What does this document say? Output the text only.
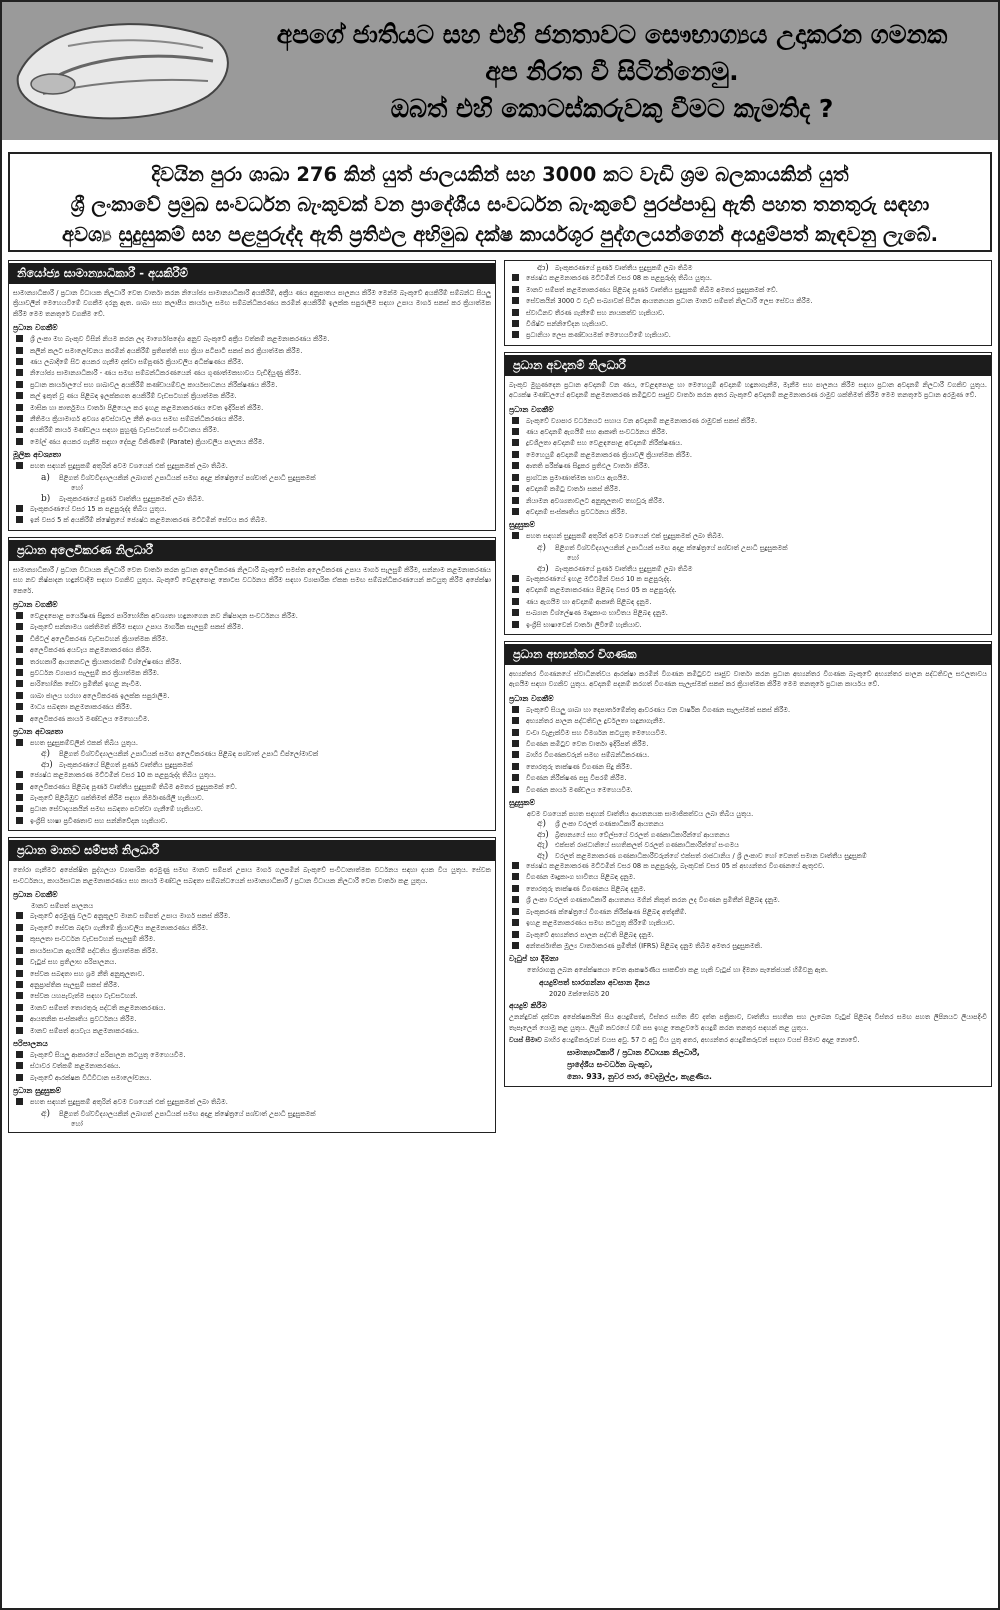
අපගේ ජාතියට සහ එහි ජනතාවට සෞභාග්‍යය උදාකරන ගමනක
අප නිරත වී සිටින්නෙමු.
ඔබත් එහි කොටස්කරුවකු වීමට කැමතිද ?
දිවයින පුරා ශාඛා 276 කින් යුත් ජාලයකින් සහ 3000 කට වැඩි ශ්‍රම බලකායකින් යුත්
ශ්‍රී ලංකාවේ ප්‍රමුඛ සංවර්ධන බැංකුවක් වන ප්‍රාදේශීය සංවර්ධන බැංකුවේ පුරප්පාඩු ඇති පහත තනතුරු සඳහා
අවශ්‍ය සුදුසුකම් සහ පළපුරුද්ද ඇති ප්‍රතිඵල අභිමුඛ දක්ෂ කාර්යශූර පුද්ගලයන්ගෙන් අයදුම්පත් කැඳවනු ලැබේ.
නියෝජ්‍ය සාමාන්‍යාධිකාරී - අයකිරීම්
සාමාන්‍යාධිකාරී / ප්‍රධාන විධායක නිලධාරී වෙත වාර්තා කරන නියෝජ්‍ය සාමාන්‍යාධිකාරී අයකිරීම්, අක්‍රීය ණය අනුපාතය පාලනය කිරීම මෙන්ම බැංකුවේ අයකිරීම් සම්බන්ධ සියලු ක්‍රියාවලීන් මෙහෙයවීමේ වගකීම දරනු ඇත. ශාඛා සහ කලාපීය කාර්යාල සමඟ සම්බන්ධීකරණය කරමින් අයකිරීම් ඉලක්ක සපුරාලීම සඳහා උපාය මාර්ග සකස් කර ක්‍රියාත්මක කිරීම මෙම තනතුරේ වගකීම වේ.
ප්‍රධාන වගකීම්
ශ්‍රී ලංකා මහ බැංකුව විසින් නියම කරන ලද මාර්ගෝපදේශ අනුව බැංකුවේ අක්‍රීය වත්කම් කළමනාකරණය කිරීම.
කලින් කලට සමාලෝචනය කරමින් අයකිරීම් ප්‍රතිපත්ති සහ ක්‍රියා පටිපාටි සකස් කර ක්‍රියාත්මක කිරීම.
ණය ලබාදීමේ සිට අයකර ගැනීම දක්වා සම්පූර්ණ ක්‍රියාවලිය අධීක්ෂණය කිරීම.
නියෝජ්‍ය සාමාන්‍යාධිකාරී - ණය සමඟ සම්බන්ධීකරණයෙන් ණය ගුණාත්මකභාවය වැඩිදියුණු කිරීම.
ප්‍රධාන කාර්යාලයේ සහ ශාඛාවල අයකිරීම් කණ්ඩායම්වල කාර්යසාධනය නිරීක්ෂණය කිරීම.
කල් ඉකුත් වූ ණය පිළිබඳ ඉලක්කගත අයකිරීම් වැඩසටහන් ක්‍රියාත්මක කිරීම.
මාසික හා කාර්තුමය වාර්තා පිළියෙල කර ඉහළ කළමනාකරණය වෙත ඉදිරිපත් කිරීම.
නීතිමය ක්‍රියාමාර්ග අවශ්‍ය අවස්ථාවල නීති අංශය සමඟ සම්බන්ධීකරණය කිරීම.
අයකිරීම් කාර්ය මණ්ඩලය සඳහා පුහුණු වැඩසටහන් සංවිධානය කිරීම.
මෝල් ණය අයකර ගැනීම සඳහා දේපළ විකිණීමේ (Parate) ක්‍රියාවලිය පාලනය කිරීම.
මූලික අවශ්‍යතා
පහත සඳහන් සුදුසුකම් අතුරින් අවම වශයෙන් එක් සුදුසුකමක් ලබා තිබීම.
a) පිළිගත් විශ්වවිද්‍යාලයකින් ලබාගත් උපාධියක් සමඟ අදාළ ක්ෂේත්‍රයේ පශ්චාත් උපාධි සුදුසුකමක්
හෝ
b) බැංකුකරණයේ පූර්ණ වෘත්තීය සුදුසුකමක් ලබා තිබීම.
බැංකුකරණයේ වසර 15 ක පළපුරුද්ද තිබිය යුතුය.
ඉන් වසර 5 ක් අයකිරීම් ක්ෂේත්‍රයේ ජ්‍යෙෂ්ඨ කළමනාකරණ මට්ටමින් සේවය කර තිබීම.
ප්‍රධාන අලෙවිකරණ නිලධාරී
සාමාන්‍යාධිකාරී / ප්‍රධාන විධායක නිලධාරී වෙත වාර්තා කරන ප්‍රධාන අලෙවිකරණ නිලධාරී බැංකුවේ සමස්ත අලෙවිකරණ උපාය මාර්ග සැලසුම් කිරීම, සන්නාම කළමනාකරණය සහ නව නිෂ්පාදන හඳුන්වාදීම සඳහා වගකිව යුතුය. බැංකුවේ වෙළඳපොළ කොටස වර්ධනය කිරීම සඳහා ව්‍යාපාරික ඒකක සමඟ සම්බන්ධීකරණයෙන් කටයුතු කිරීම අපේක්ෂා කෙරේ.
ප්‍රධාන වගකීම්
වෙළඳපොළ පර්යේෂණ සිදුකර පාරිභෝගික අවශ්‍යතා හඳුනාගෙන නව නිෂ්පාදන සංවර්ධනය කිරීම.
බැංකුවේ සන්නාමය ශක්තිමත් කිරීම සඳහා උපාය මාර්ගික සැලසුම් සකස් කිරීම.
ඩිජිටල් අලෙවිකරණ වැඩසටහන් ක්‍රියාත්මක කිරීම.
අලෙවිකරණ අයවැය කළමනාකරණය කිරීම.
තරඟකාරී ආයතනවල ක්‍රියාකාරකම් විශ්ලේෂණය කිරීම.
ප්‍රවර්ධන ව්‍යාපාර සැලසුම් කර ක්‍රියාත්මක කිරීම.
පාරිභෝගික සේවා ප්‍රමිතීන් ඉහළ නැංවීම.
ශාඛා ජාලය හරහා අලෙවිකරණ ඉලක්ක සපුරාලීම.
මාධ්‍ය සබඳතා කළමනාකරණය කිරීම.
අලෙවිකරණ කාර්ය මණ්ඩලය මෙහෙයවීම.
ප්‍රධාන අවශ්‍යතා
පහත සුදුසුකම්වලින් එකක් තිබිය යුතුය.
අ) පිළිගත් විශ්වවිද්‍යාලයකින් උපාධියක් සමඟ අලෙවිකරණය පිළිබඳ පශ්චාත් උපාධි ඩිප්ලෝමාවක්
ආ) බැංකුකරණයේ පිළිගත් පූර්ණ වෘත්තීය සුදුසුකමක්
ජ්‍යෙෂ්ඨ කළමනාකරණ මට්ටමින් වසර 10 ක පළපුරුද්ද තිබිය යුතුය.
අලෙවිකරණය පිළිබඳ පූර්ණ වෘත්තීය සුදුසුකම් තිබීම අමතර සුදුසුකමක් වේ.
බැංකුවේ පිළිබිඹුව ශක්තිමත් කිරීම සඳහා නිර්මාණශීලී හැකියාව.
ප්‍රධාන සේවාදායකයින් සමඟ සබඳතා පවත්වා ගැනීමේ හැකියාව.
ඉංග්‍රීසි භාෂා ප්‍රවීණතාව සහ සන්නිවේදන හැකියාව.
ප්‍රධාන මානව සම්පත් නිලධාරී
තෝරා ගැනීමට අපේක්ෂිත පුද්ගලයා ව්‍යාපාරික අරමුණු සමඟ මානව සම්පත් උපාය මාර්ග ගලපමින් බැංකුවේ සංවිධානාත්මක වර්ධනය සඳහා දායක විය යුතුය. සේවක සංවර්ධනය, කාර්යසාධන කළමනාකරණය සහ කාර්ය මණ්ඩල සබඳතා සම්බන්ධයෙන් සාමාන්‍යාධිකාරී / ප්‍රධාන විධායක නිලධාරී වෙත වාර්තා කළ යුතුය.
ප්‍රධාන වගකීම්
මානව සම්පත් පාලනය
බැංකුවේ අරමුණු වලට අනුකූලව මානව සම්පත් උපාය මාර්ග සකස් කිරීම.
බැංකුවේ සේවක බඳවා ගැනීමේ ක්‍රියාවලිය කළමනාකරණය කිරීම.
කුසලතා සංවර්ධන වැඩසටහන් සැලසුම් කිරීම.
කාර්යසාධන ඇගයීම් පද්ධතිය ක්‍රියාත්මක කිරීම.
වැටුප් සහ ප්‍රතිලාභ පරිපාලනය.
සේවක සබඳතා සහ ශ්‍රම නීති අනුකූලතාව.
අනුප්‍රාප්තික සැලසුම් සකස් කිරීම.
සේවක යහපැවැත්ම සඳහා වැඩසටහන්.
මානව සම්පත් තොරතුරු පද්ධති කළමනාකරණය.
ආයතනික සංස්කෘතිය ප්‍රවර්ධනය කිරීම.
මානව සම්පත් අයවැය කළමනාකරණය.
පරිපාලනය
බැංකුවේ සියලු ආකාරයේ පරිපාලන කටයුතු මෙහෙයවීම.
ස්ථාවර වත්කම් කළමනාකරණය.
බැංකුවේ ආරක්ෂක විධිවිධාන සමාලෝචනය.
ප්‍රධාන සුදුසුකම්
පහත සඳහන් සුදුසුකම් අතුරින් අවම වශයෙන් එක් සුදුසුකමක් ලබා තිබීම.
අ) පිළිගත් විශ්වවිද්‍යාලයකින් ලබාගත් උපාධියක් සමඟ අදාළ ක්ෂේත්‍රයේ පශ්චාත් උපාධි සුදුසුකමක්
හෝ
ආ) බැංකුකරණයේ පූර්ණ වෘත්තීය සුදුසුකම් ලබා තිබීම
ජ්‍යෙෂ්ඨ කළමනාකරණ මට්ටමින් වසර 08 ක පළපුරුද්ද තිබිය යුතුය.
මානව සම්පත් කළමනාකරණය පිළිබඳ පූර්ණ වෘත්තීය සුදුසුකම් තිබීම අමතර සුදුසුකමක් වේ.
සේවකයින් 3000 ට වැඩි සංඛ්‍යාවක් සිටින ආයතනයක ප්‍රධාන මානව සම්පත් නිලධාරී ලෙස සේවය කිරීම.
ස්වාධීනව තීරණ ගැනීමේ සහ නායකත්ව හැකියාව.
විශිෂ්ට සන්නිවේදන හැකියාව.
ප්‍රධානියා ලෙස කණ්ඩායමක් මෙහෙයවීමේ හැකියාව.
ප්‍රධාන අවදානම් නිලධාරී
බැංකුව මුහුණදෙන ප්‍රධාන අවදානම් වන ණය, වෙළඳපොළ හා මෙහෙයුම් අවදානම් හඳුනාගැනීම, මැනීම සහ පාලනය කිරීම සඳහා ප්‍රධාන අවදානම් නිලධාරී වගකිව යුතුය. අධ්‍යක්ෂ මණ්ඩලයේ අවදානම් කළමනාකරණ කමිටුවට සෘජුව වාර්තා කරන අතර බැංකුවේ අවදානම් කළමනාකරණ රාමුව ශක්තිමත් කිරීම මෙම තනතුරේ ප්‍රධාන අරමුණ වේ.
ප්‍රධාන වගකීම්
බැංකුවේ ව්‍යාපාර වර්ධනයට සහාය වන අවදානම් කළමනාකරණ රාමුවක් සකස් කිරීම.
ණය අවදානම් ඇගයීම් සහ ආකෘති සංවර්ධනය කිරීම.
ද්‍රවශීලතා අවදානම් සහ වෙළඳපොළ අවදානම් නිරීක්ෂණය.
මෙහෙයුම් අවදානම් කළමනාකරණ ක්‍රියාවලි ක්‍රියාත්මක කිරීම.
ආතති පරීක්ෂණ සිදුකර ප්‍රතිඵල වාර්තා කිරීම.
ප්‍රාග්ධන ප්‍රමාණාත්මක භාවය ඇගයීම.
අවදානම් කමිටු වාර්තා සකස් කිරීම.
නියාමන අවශ්‍යතාවලට අනුකූලතාව තහවුරු කිරීම.
අවදානම් සංස්කෘතිය ප්‍රවර්ධනය කිරීම.
සුදුසුකම්
පහත සඳහන් සුදුසුකම් අතුරින් අවම වශයෙන් එක් සුදුසුකමක් ලබා තිබීම.
අ) පිළිගත් විශ්වවිද්‍යාලයකින් උපාධියක් සමඟ අදාළ ක්ෂේත්‍රයේ පශ්චාත් උපාධි සුදුසුකමක්
හෝ
ආ) බැංකුකරණයේ පූර්ණ වෘත්තීය සුදුසුකම් ලබා තිබීම
බැංකුකරණයේ ඉහළ මට්ටමින් වසර 10 ක පළපුරුද්ද.
අවදානම් කළමනාකරණය පිළිබඳ වසර 05 ක පළපුරුද්ද.
ණය ඇගයීම හා අවදානම් ආකෘති පිළිබඳ දැනුම.
සංඛ්‍යාන විශ්ලේෂණ මෘදුකාංග භාවිතය පිළිබඳ දැනුම.
ඉංග්‍රීසි භාෂාවෙන් වාර්තා ලිවීමේ හැකියාව.
ප්‍රධාන අභ්‍යන්තර විගණක
අභ්‍යන්තර විගණනයේ ස්වාධීනත්වය ආරක්ෂා කරමින් විගණන කමිටුවට සෘජුව වාර්තා කරන ප්‍රධාන අභ්‍යන්තර විගණක බැංකුවේ අභ්‍යන්තර පාලන පද්ධතිවල සඵලතාවය ඇගයීම සඳහා වගකිව යුතුය. අවදානම් පදනම් කරගත් විගණන සැලැස්මක් සකස් කර ක්‍රියාත්මක කිරීම මෙම තනතුරේ ප්‍රධාන කාර්යය වේ.
ප්‍රධාන වගකීම්
බැංකුවේ සියලු ශාඛා හා දෙපාර්තමේන්තු ආවරණය වන වාර්ෂික විගණන සැලැස්මක් සකස් කිරීම.
අභ්‍යන්තර පාලන පද්ධතිවල දුර්වලතා හඳුනාගැනීම.
වංචා වැළැක්වීම සහ විමර්ශන කටයුතු මෙහෙයවීම.
විගණන කමිටුව වෙත වාර්තා ඉදිරිපත් කිරීම.
බාහිර විගණකවරුන් සමඟ සම්බන්ධීකරණය.
තොරතුරු තාක්ෂණ විගණන සිදු කිරීම.
විගණන නිරීක්ෂණ පසු විපරම් කිරීම.
විගණන කාර්ය මණ්ඩලය මෙහෙයවීම.
සුදුසුකම්
අවම වශයෙන් පහත සඳහන් වෘත්තීය ආයතනයක සාමාජිකත්වය ලබා තිබිය යුතුය.
අ) ශ්‍රී ලංකා වරලත් ගණකාධිකාරී ආයතනය
ආ) බ්‍රිතාන්‍යයේ සහ වේල්සයේ වරලත් ගණකාධිකාරීන්ගේ ආයතනය
ඇ) එක්සත් රාජධානියේ සහතිකලත් වරලත් ගණකාධිකාරීන්ගේ සංගමය
ඈ) වරලත් කළමනාකරණ ගණකාධිකාරීවරුන්ගේ එක්සත් රාජධානිය / ශ්‍රී ලංකාව හෝ වෙනත් සමාන වෘත්තීය සුදුසුකම්
ජ්‍යෙෂ්ඨ කළමනාකරණ මට්ටමින් වසර 08 ක පළපුරුද්ද, බැංකුවක් වසර 05 ක් අභ්‍යන්තර විගණනයේ ඇතුළුව.
විගණන මෘදුකාංග භාවිතය පිළිබඳ දැනුම.
තොරතුරු තාක්ෂණ විගණනය පිළිබඳ දැනුම.
ශ්‍රී ලංකා වරලත් ගණකාධිකාරී ආයතනය මගින් නිකුත් කරන ලද විගණන ප්‍රමිතීන් පිළිබඳ දැනුම.
බැංකුකරණ ක්ෂේත්‍රයේ විගණන නිරීක්ෂණ පිළිබඳ අත්දැකීම්.
ඉහළ කළමනාකරණය සමඟ කටයුතු කිරීමේ හැකියාව.
බැංකුවේ අභ්‍යන්තර පාලන පද්ධති පිළිබඳ දැනුම.
අන්තර්ජාතික මූල්‍ය වාර්තාකරණ ප්‍රමිතීන් (IFRS) පිළිබඳ දැනුම තිබීම අමතර සුදුසුකමකි.
වැටුප් හා දීමනා
තෝරාගනු ලබන අපේක්ෂකයා වෙත ආකර්ෂණීය සාකච්ඡා කළ හැකි වැටුප් හා දීමනා පැකේජයක් හිමිවනු ඇත.
අයදුම්පත් භාරගන්නා අවසාන දිනය
2020 ඔක්තෝබර් 20
අයදුම් කිරීම
උනන්දුවක් දක්වන අපේක්ෂකයින් සිය අයදුම්පත්, විස්තර සහිත ජීව දත්ත පත්‍රිකාව, වෘත්තීය සහතික සහ ලැබෙන වැටුප් පිළිබඳ විස්තර සමඟ පහත ලිපිනයට ලියාපදිංචි තැපෑලෙන් යොමු කළ යුතුය. ලියුම් කවරයේ වම් පස ඉහළ කෙළවරේ අයදුම් කරන තනතුර සඳහන් කළ යුතුය.
වයස් සීමාව බාහිර අයදුම්කරුවන් වයස අවු. 57 ට අඩු විය යුතු අතර, අභ්‍යන්තර අයදුම්කරුවන් සඳහා වයස් සීමාව අදාළ නොවේ.
සාමාන්‍යාධිකාරී / ප්‍රධාන විධායක නිලධාරී,
ප්‍රාදේශීය සංවර්ධන බැංකුව,
නො. 933, නුවර පාර, වෙදමුල්ල, කැළණිය.
